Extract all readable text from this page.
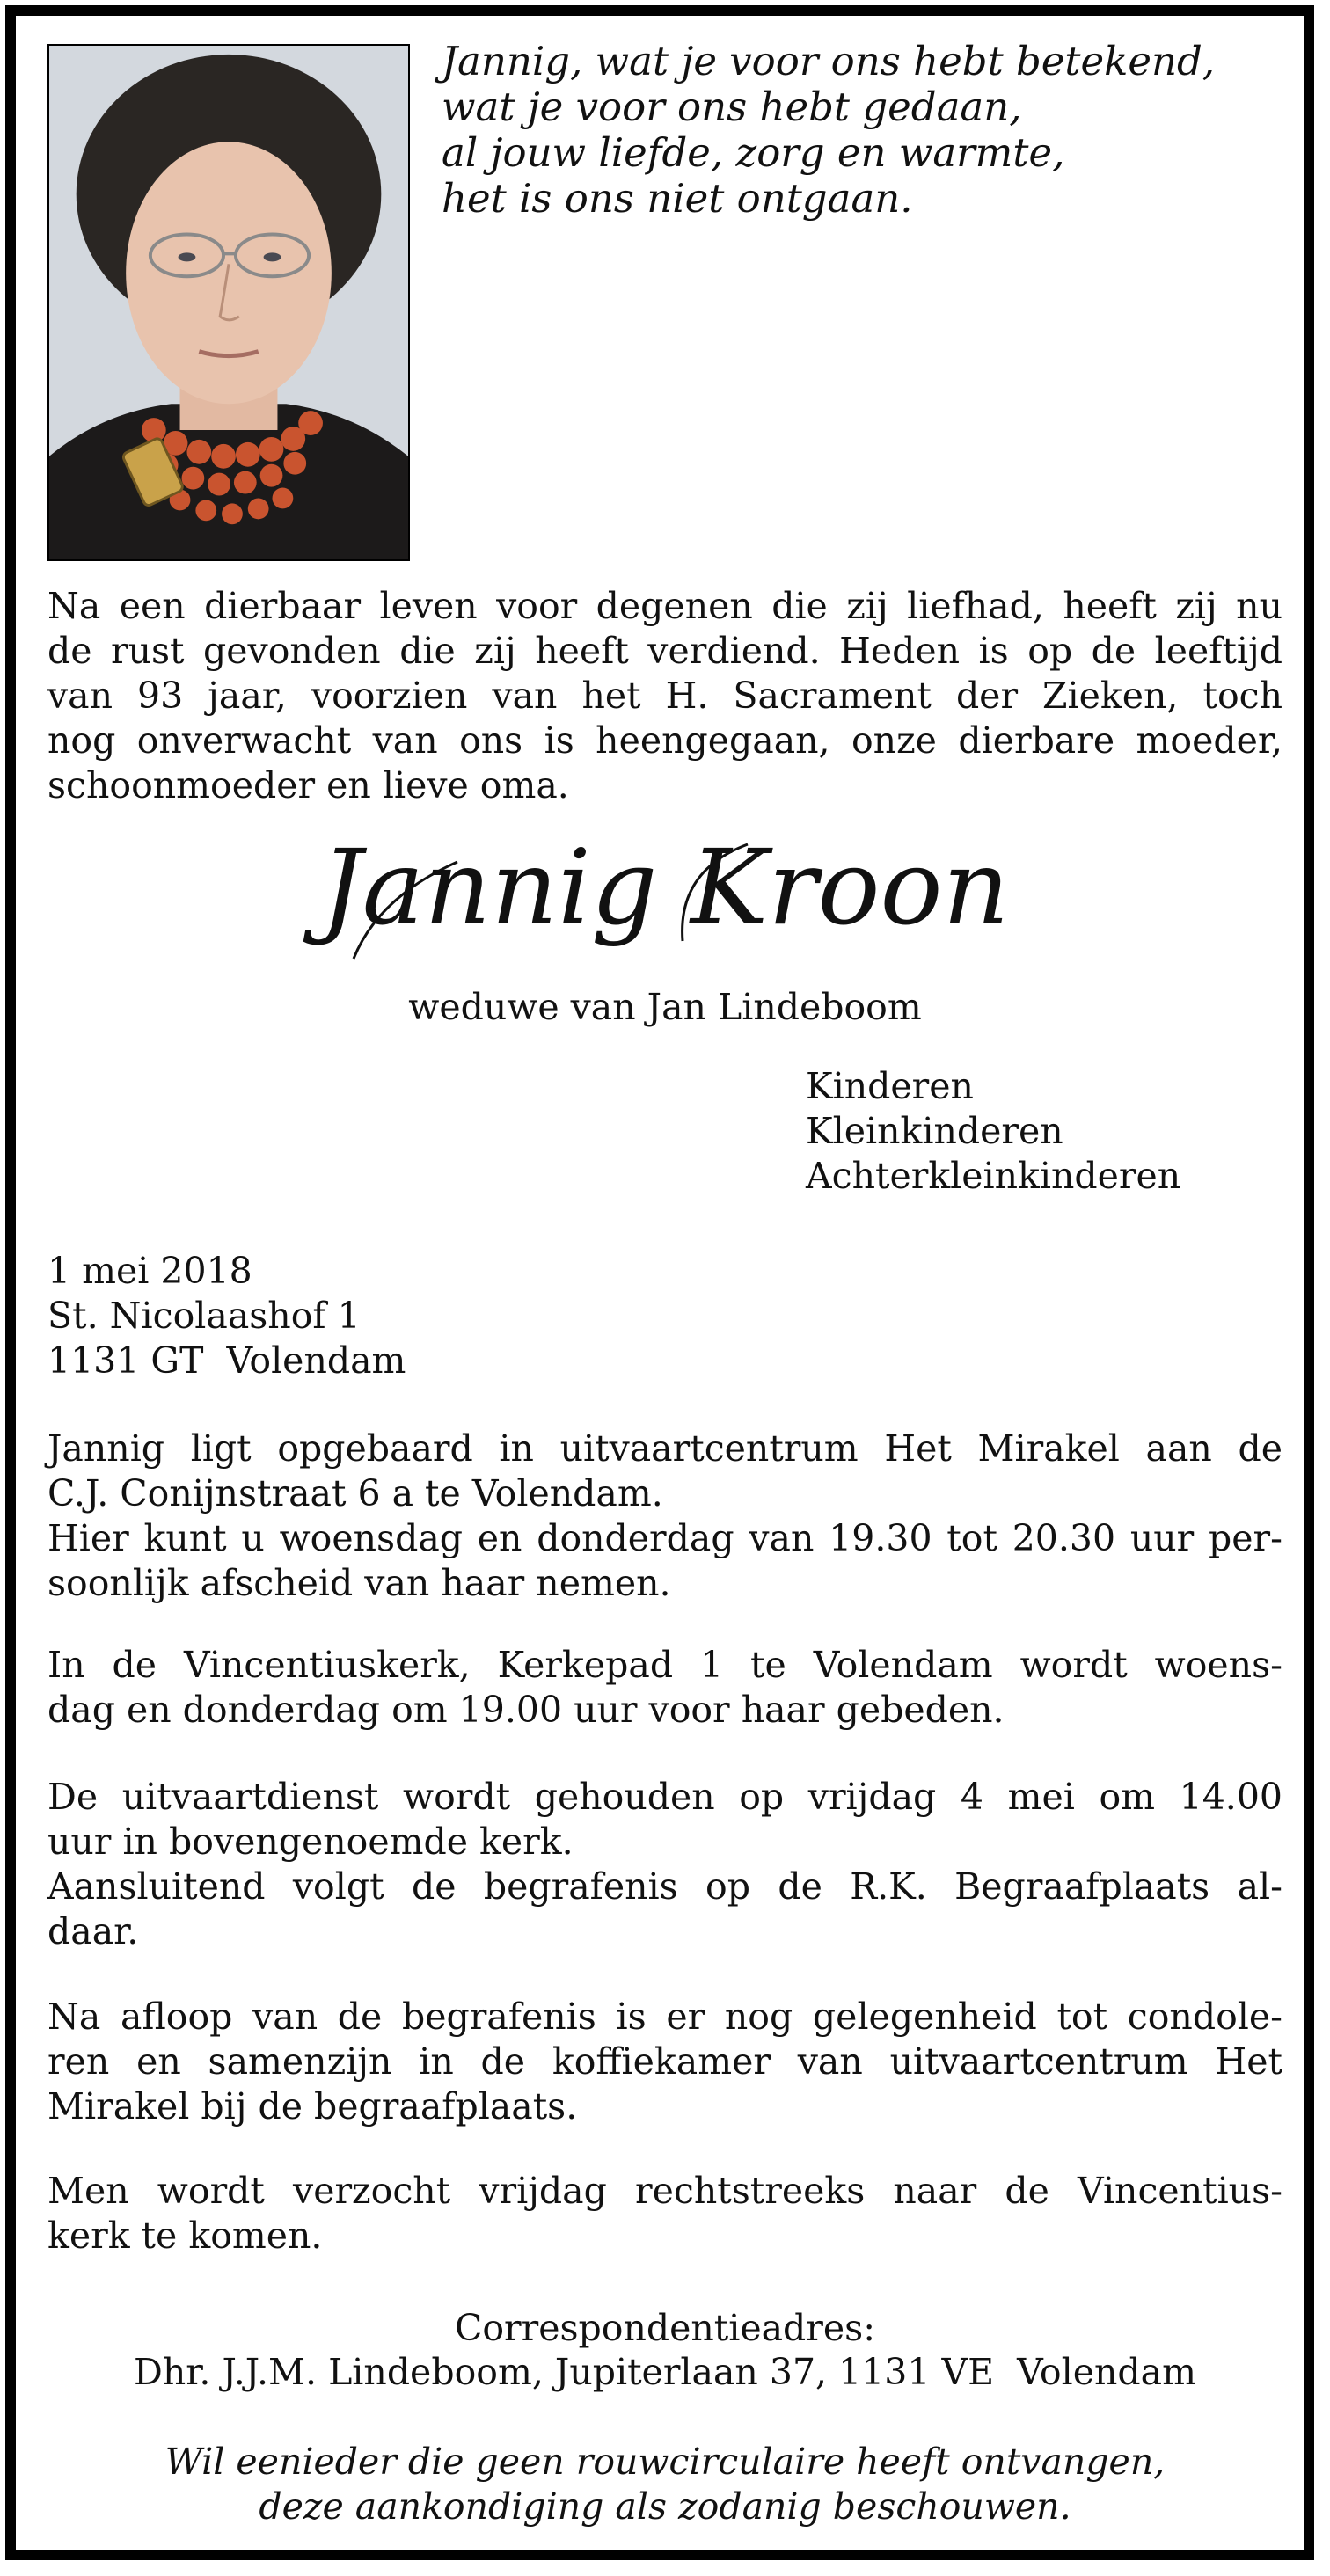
Jannig, wat je voor ons hebt betekend,
wat je voor ons hebt gedaan,
al jouw liefde, zorg en warmte,
het is ons niet ontgaan.
Na een dierbaar leven voor degenen die zij liefhad, heeft zij nu
de rust gevonden die zij heeft verdiend. Heden is op de leeftijd
van 93 jaar, voorzien van het H. Sacrament der Zieken, toch
nog onverwacht van ons is heengegaan, onze dierbare moeder,
schoonmoeder en lieve oma.
Jannig Kroon
weduwe van Jan Lindeboom
Kinderen
Kleinkinderen
Achterkleinkinderen
1 mei 2018
St. Nicolaashof 1
1131 GT  Volendam
Jannig ligt opgebaard in uitvaartcentrum Het Mirakel aan de
C.J. Conijnstraat 6 a te Volendam.
Hier kunt u woensdag en donderdag van 19.30 tot 20.30 uur per-
soonlijk afscheid van haar nemen.
In de Vincentiuskerk, Kerkepad 1 te Volendam wordt woens-
dag en donderdag om 19.00 uur voor haar gebeden.
De uitvaartdienst wordt gehouden op vrijdag 4 mei om 14.00
uur in bovengenoemde kerk.
Aansluitend volgt de begrafenis op de R.K. Begraafplaats al-
daar.
Na afloop van de begrafenis is er nog gelegenheid tot condole-
ren en samenzijn in de koffiekamer van uitvaartcentrum Het
Mirakel bij de begraafplaats.
Men wordt verzocht vrijdag rechtstreeks naar de Vincentius-
kerk te komen.
Correspondentieadres:
Dhr. J.J.M. Lindeboom, Jupiterlaan 37, 1131 VE  Volendam
Wil eenieder die geen rouwcirculaire heeft ontvangen,
deze aankondiging als zodanig beschouwen.
